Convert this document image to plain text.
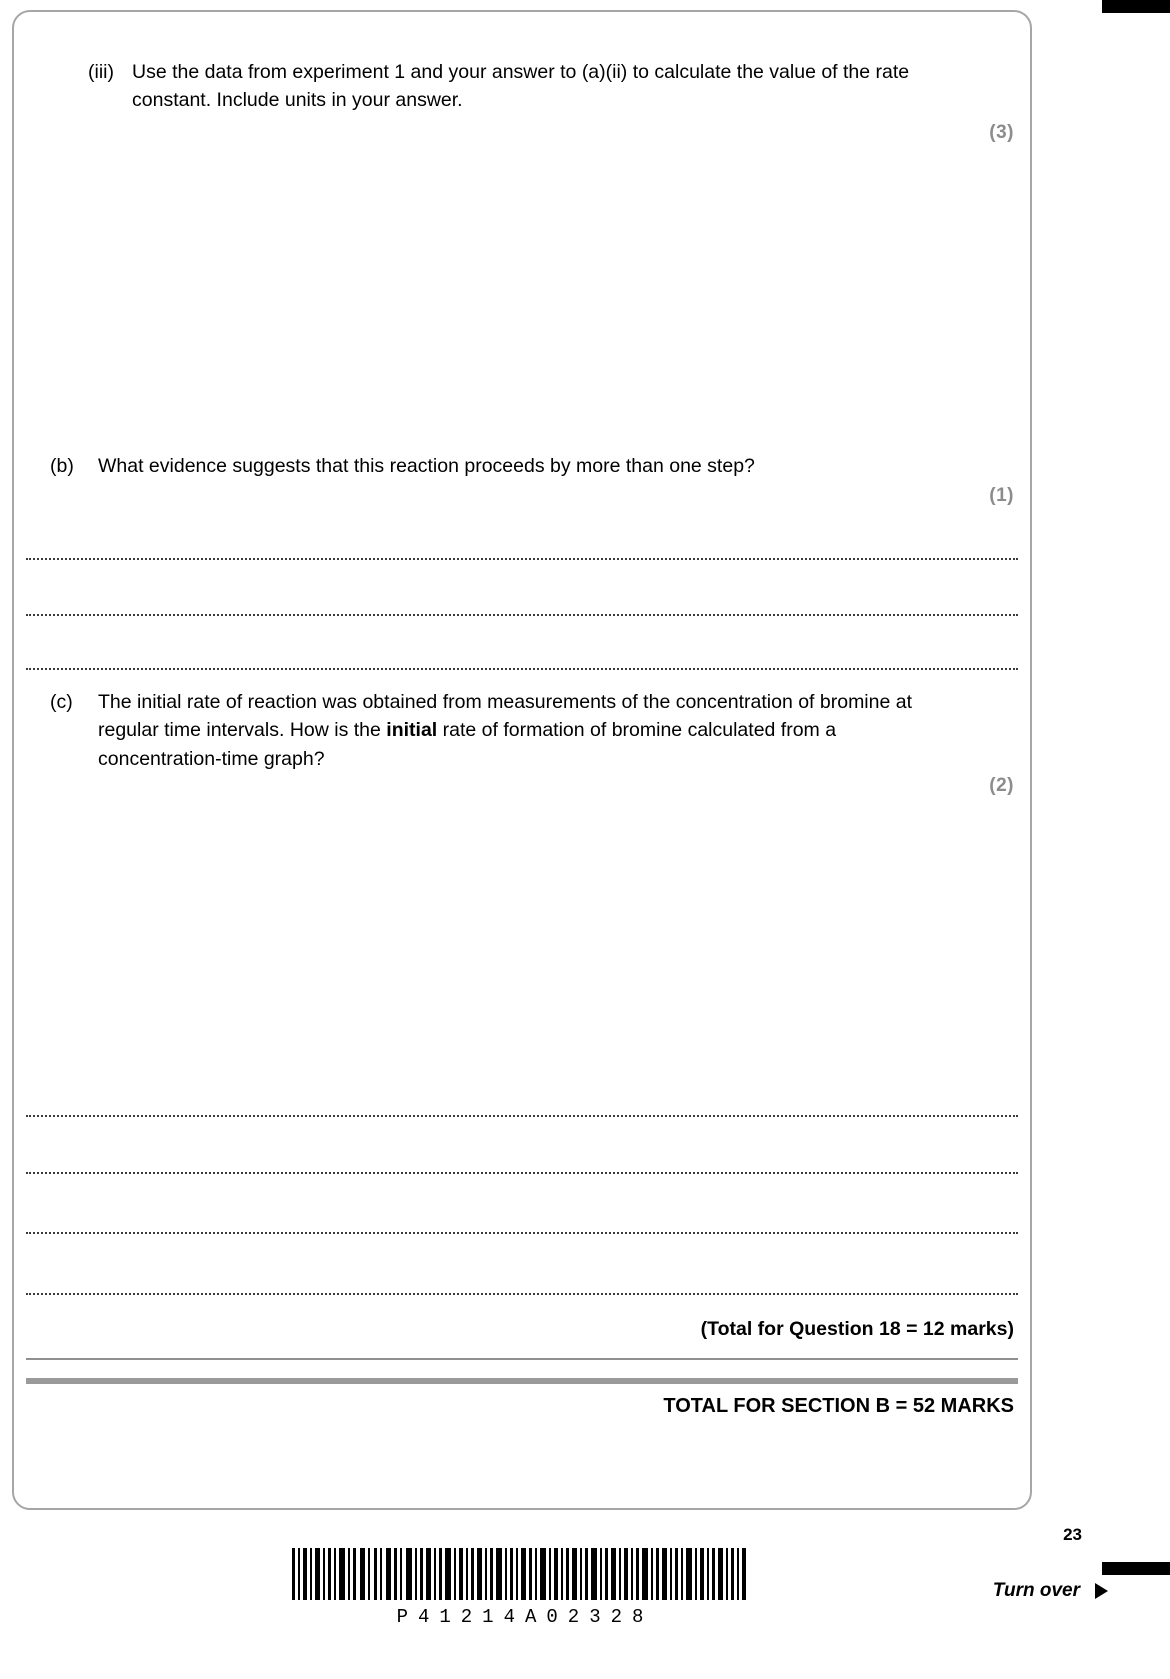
(iii) Use the data from experiment 1 and your answer to (a)(ii) to calculate the value of the rate constant. Include units in your answer.
(3)
(b)	What evidence suggests that this reaction proceeds by more than one step?
(1)
(c)	The initial rate of reaction was obtained from measurements of the concentration of bromine at regular time intervals. How is the initial rate of formation of bromine calculated from a concentration-time graph?
(2)
(Total for Question 18 = 12 marks)
TOTAL FOR SECTION B = 52 MARKS
23
Turn over
P41214A02328
